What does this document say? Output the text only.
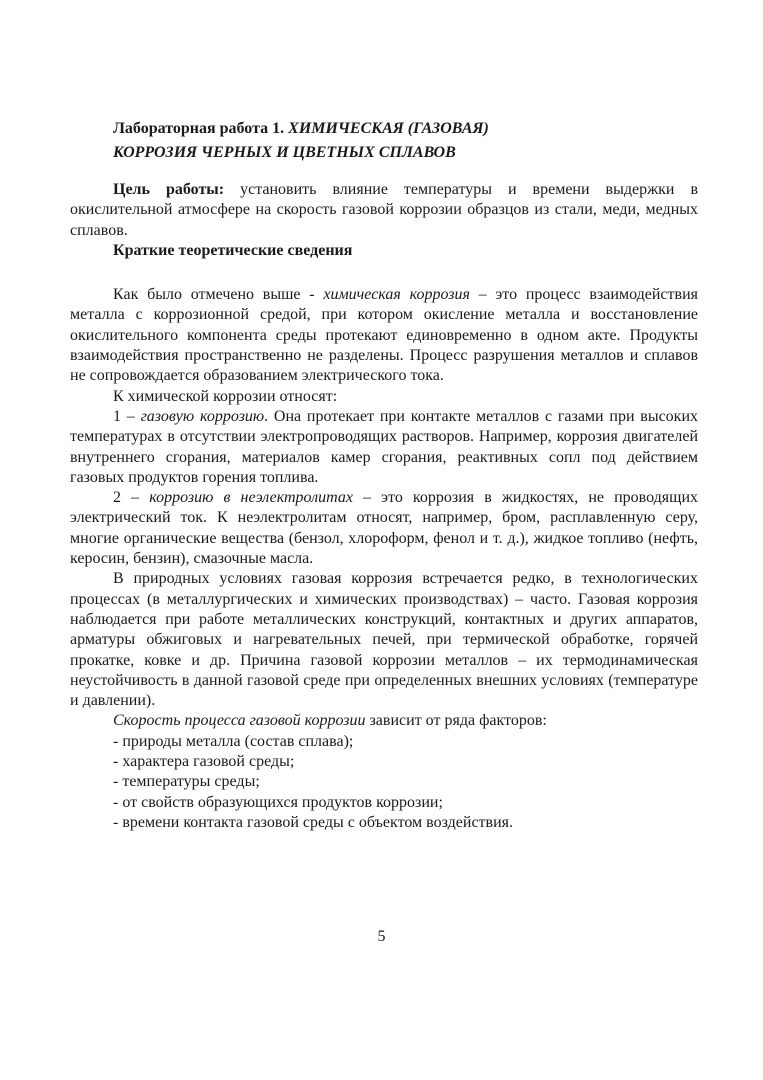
Лабораторная работа 1. ХИМИЧЕСКАЯ (ГАЗОВАЯ)
КОРРОЗИЯ ЧЕРНЫХ И ЦВЕТНЫХ СПЛАВОВ

Цель работы: установить влияние температуры и времени выдержки в окислительной атмосфере на скорость газовой коррозии образцов из стали, меди, медных сплавов.

Краткие теоретические сведения

Как было отмечено выше - химическая коррозия – это процесс взаимодействия металла с коррозионной средой, при котором окисление металла и восстановление окислительного компонента среды протекают единовременно в одном акте. Продукты взаимодействия пространственно не разделены. Процесс разрушения металлов и сплавов не сопровождается образованием электрического тока.

К химической коррозии относят:

1 – газовую коррозию. Она протекает при контакте металлов с газами при высоких температурах в отсутствии электропроводящих растворов. Например, коррозия двигателей внутреннего сгорания, материалов камер сгорания, реактивных сопл под действием газовых продуктов горения топлива.

2 – коррозию в неэлектролитах – это коррозия в жидкостях, не проводящих электрический ток. К неэлектролитам относят, например, бром, расплавленную серу, многие органические вещества (бензол, хлороформ, фенол и т. д.), жидкое топливо (нефть, керосин, бензин), смазочные масла.

В природных условиях газовая коррозия встречается редко, в технологических процессах (в металлургических и химических производствах) – часто. Газовая коррозия наблюдается при работе металлических конструкций, контактных и других аппаратов, арматуры обжиговых и нагревательных печей, при термической обработке, горячей прокатке, ковке и др. Причина газовой коррозии металлов – их термодинамическая неустойчивость в данной газовой среде при определенных внешних условиях (температуре и давлении).

Скорость процесса газовой коррозии зависит от ряда факторов:

- природы металла (состав сплава);

- характера газовой среды;

- температуры среды;

- от свойств образующихся продуктов коррозии;

- времени контакта газовой среды с объектом воздействия.

5
